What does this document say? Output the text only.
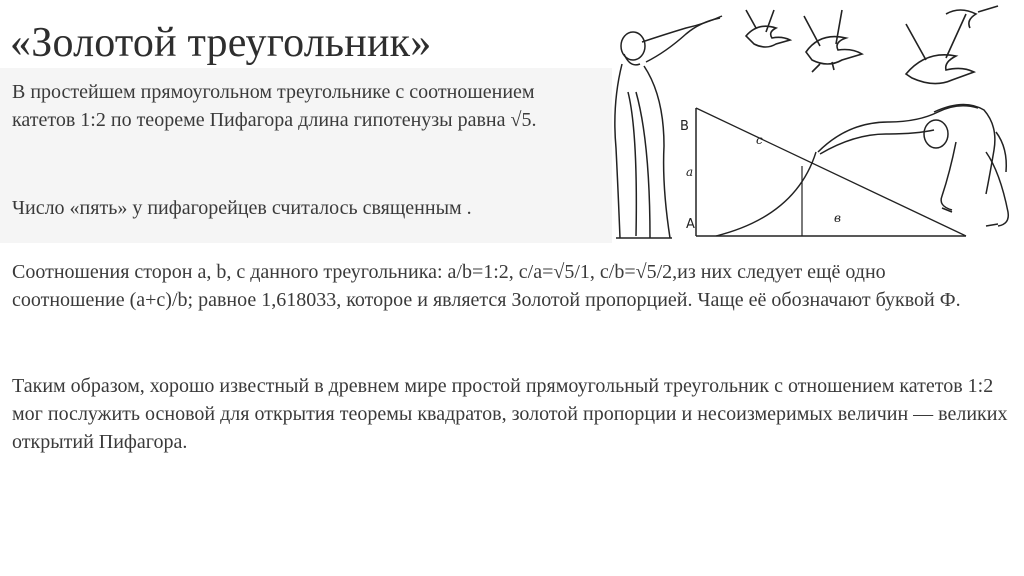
«Золотой треугольник»
В простейшем прямоугольном треугольнике с соотношением катетов 1:2 по теореме Пифагора длина гипотенузы равна √5.
Число «пять» у пифагорейцев считалось священным .
Соотношения сторон а, b, с данного треугольника: a/b=1:2, c/a=√5/1, c/b=√5/2,из них следует ещё одно соотношение (а+с)/b; равное 1,618033, которое и является Золотой пропорцией. Чаще её обозначают буквой Ф.
Таким образом, хорошо известный в древнем мире простой прямоугольный треугольник с отношением катетов 1:2 мог послужить основой для открытия теоремы квадратов, золотой пропорции и несоизмеримых величин — великих открытий Пифагора.
B
A
a
c
в
